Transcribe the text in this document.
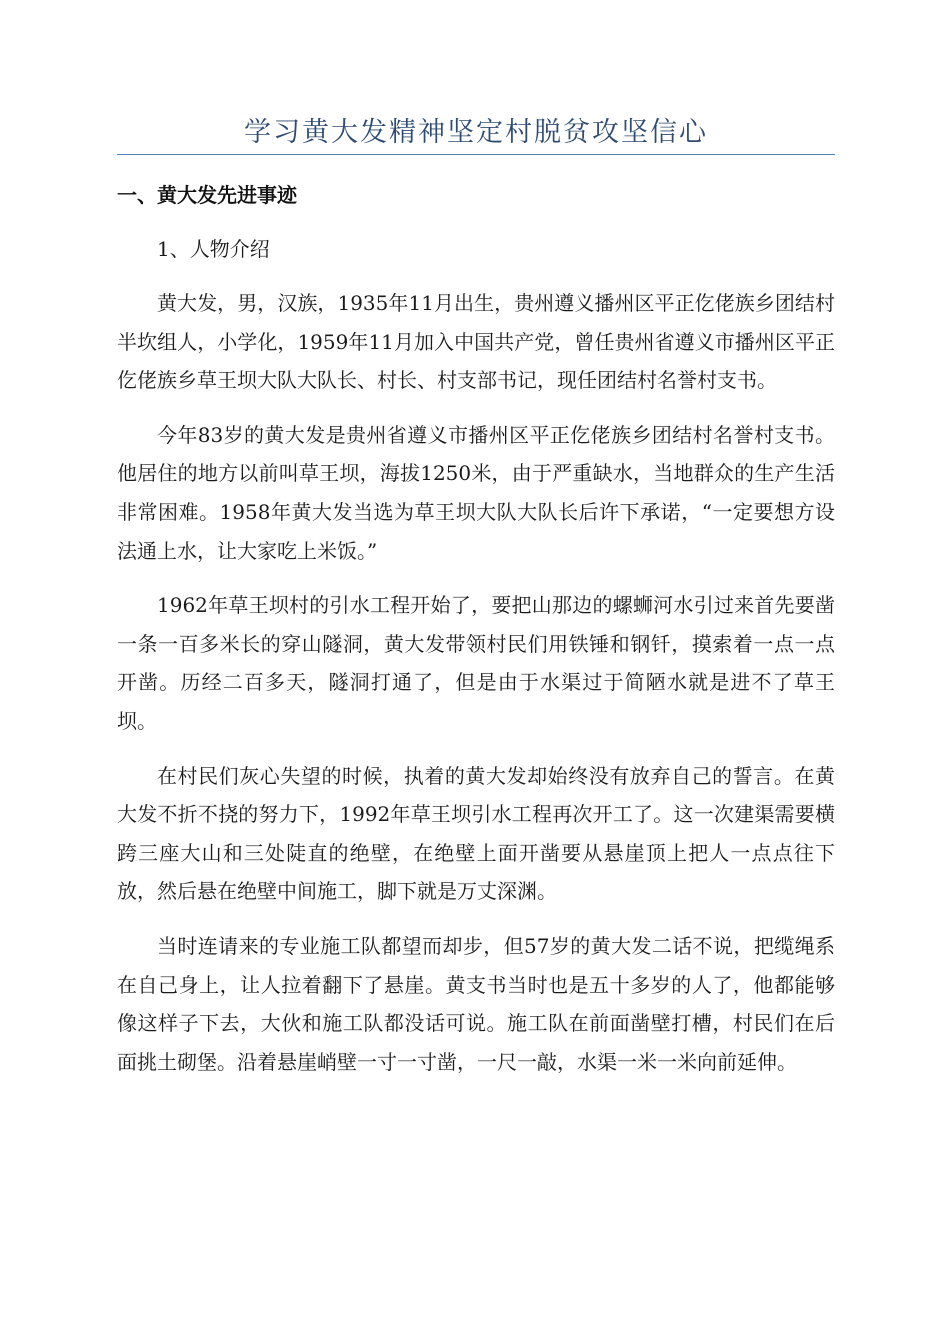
学习黄大发精神坚定村脱贫攻坚信心
一、黄大发先进事迹

1、人物介绍

黄大发，男，汉族，1935年11月出生，贵州遵义播州区平正仡佬族乡团结村半坎组人，小学化，1959年11月加入中国共产党，曾任贵州省遵义市播州区平正仡佬族乡草王坝大队大队长、村长、村支部书记，现任团结村名誉村支书。

今年83岁的黄大发是贵州省遵义市播州区平正仡佬族乡团结村名誉村支书。他居住的地方以前叫草王坝，海拔1250米，由于严重缺水，当地群众的生产生活非常困难。1958年黄大发当选为草王坝大队大队长后许下承诺，“一定要想方设法通上水，让大家吃上米饭。”

1962年草王坝村的引水工程开始了，要把山那边的螺蛳河水引过来首先要凿一条一百多米长的穿山隧洞，黄大发带领村民们用铁锤和钢钎，摸索着一点一点开凿。历经二百多天，隧洞打通了，但是由于水渠过于简陋水就是进不了草王坝。

在村民们灰心失望的时候，执着的黄大发却始终没有放弃自己的誓言。在黄大发不折不挠的努力下，1992年草王坝引水工程再次开工了。这一次建渠需要横跨三座大山和三处陡直的绝壁，在绝壁上面开凿要从悬崖顶上把人一点点往下放，然后悬在绝壁中间施工，脚下就是万丈深渊。

当时连请来的专业施工队都望而却步，但57岁的黄大发二话不说，把缆绳系在自己身上，让人拉着翻下了悬崖。黄支书当时也是五十多岁的人了，他都能够像这样子下去，大伙和施工队都没话可说。施工队在前面凿壁打槽，村民们在后面挑土砌堡。沿着悬崖峭壁一寸一寸凿，一尺一敲，水渠一米一米向前延伸。
